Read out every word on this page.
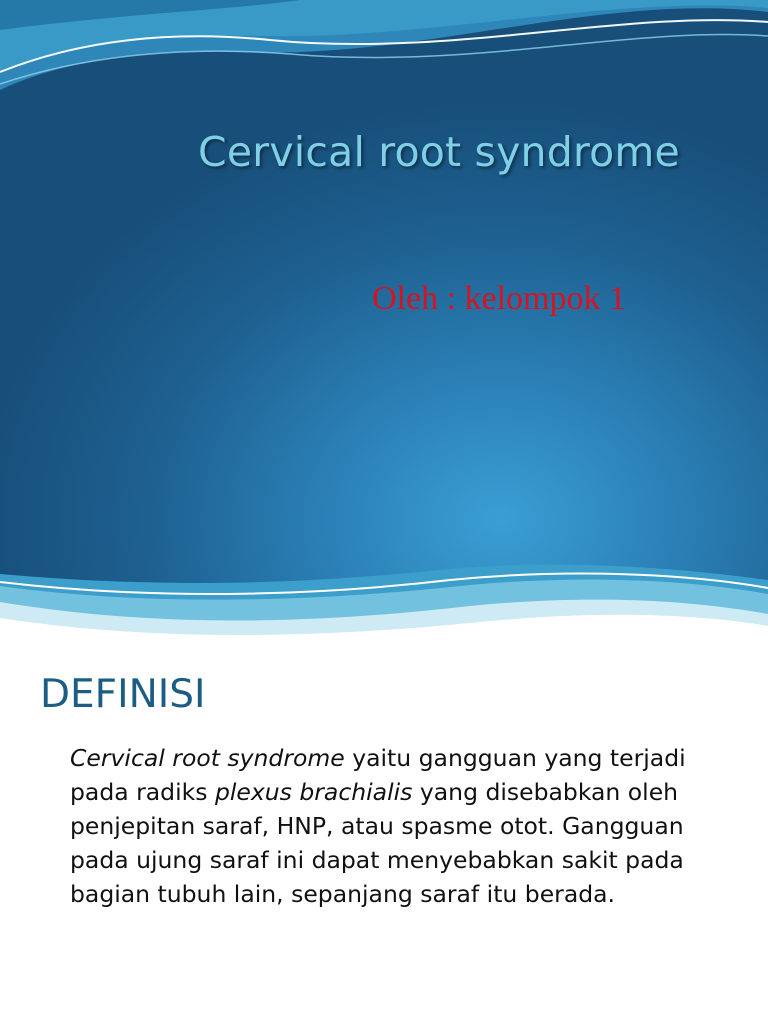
Cervical root syndrome
Oleh : kelompok 1
DEFINISI
Cervical root syndrome yaitu gangguan yang terjadi pada radiks plexus brachialis yang disebabkan oleh penjepitan saraf, HNP, atau spasme otot. Gangguan pada ujung saraf ini dapat menyebabkan sakit pada bagian tubuh lain, sepanjang saraf itu berada.
